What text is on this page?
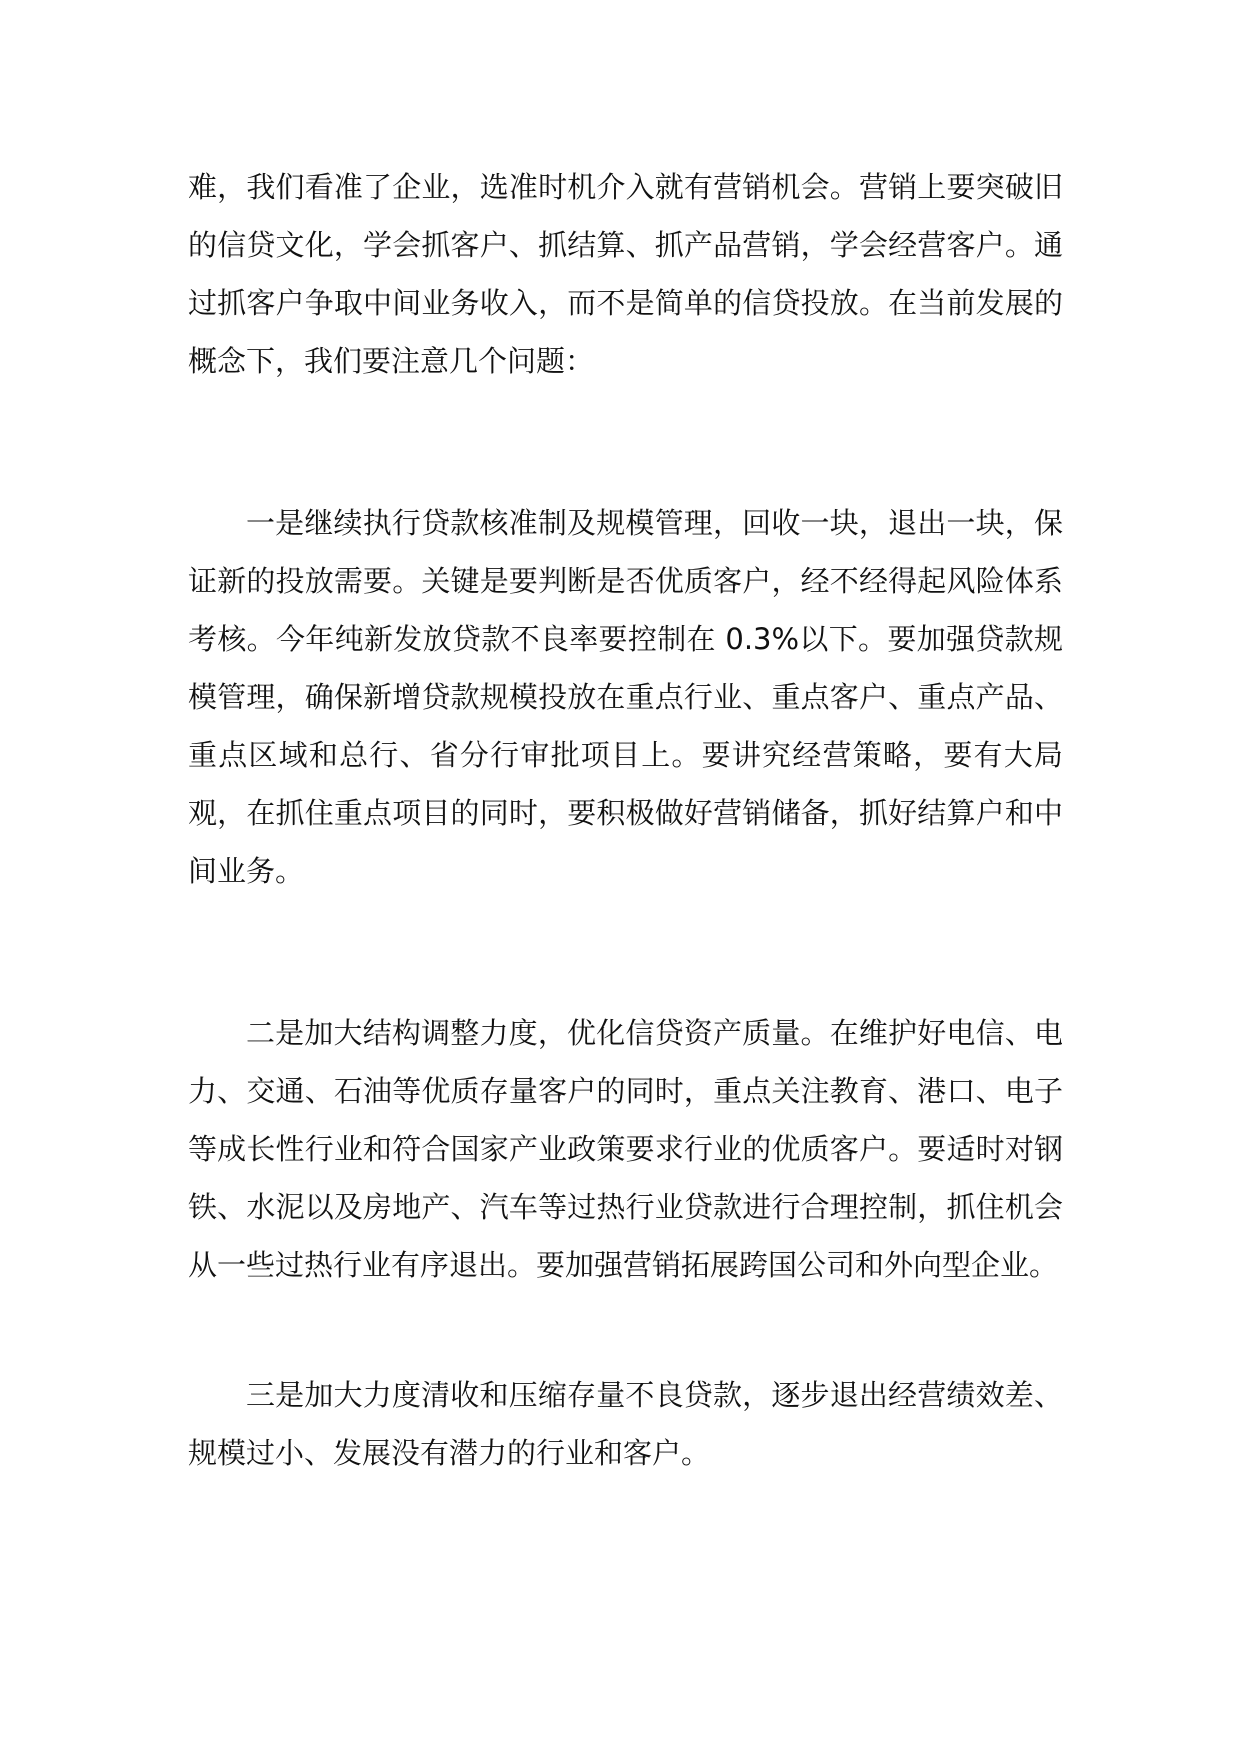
难，我们看准了企业，选准时机介入就有营销机会。营销上要突破旧的信贷文化，学会抓客户、抓结算、抓产品营销，学会经营客户。通过抓客户争取中间业务收入，而不是简单的信贷投放。在当前发展的概念下，我们要注意几个问题：

一是继续执行贷款核准制及规模管理，回收一块，退出一块，保证新的投放需要。关键是要判断是否优质客户，经不经得起风险体系考核。今年纯新发放贷款不良率要控制在 0.3%以下。要加强贷款规模管理，确保新增贷款规模投放在重点行业、重点客户、重点产品、重点区域和总行、省分行审批项目上。要讲究经营策略，要有大局观，在抓住重点项目的同时，要积极做好营销储备，抓好结算户和中间业务。

二是加大结构调整力度，优化信贷资产质量。在维护好电信、电力、交通、石油等优质存量客户的同时，重点关注教育、港口、电子等成长性行业和符合国家产业政策要求行业的优质客户。要适时对钢铁、水泥以及房地产、汽车等过热行业贷款进行合理控制，抓住机会从一些过热行业有序退出。要加强营销拓展跨国公司和外向型企业。

三是加大力度清收和压缩存量不良贷款，逐步退出经营绩效差、规模过小、发展没有潜力的行业和客户。
